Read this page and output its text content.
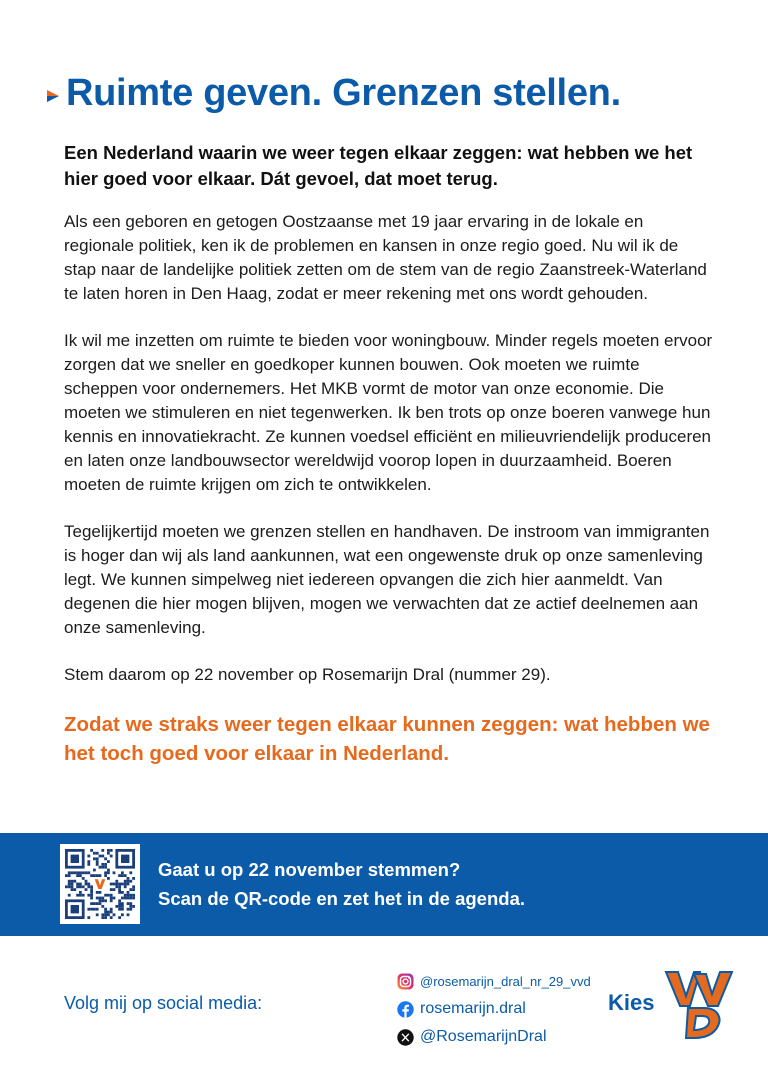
Ruimte geven. Grenzen stellen.

Een Nederland waarin we weer tegen elkaar zeggen: wat hebben we het hier goed voor elkaar. Dát gevoel, dat moet terug.

Als een geboren en getogen Oostzaanse met 19 jaar ervaring in de lokale en regionale politiek, ken ik de problemen en kansen in onze regio goed. Nu wil ik de stap naar de landelijke politiek zetten om de stem van de regio Zaanstreek-Waterland te laten horen in Den Haag, zodat er meer rekening met ons wordt gehouden.

Ik wil me inzetten om ruimte te bieden voor woningbouw. Minder regels moeten ervoor zorgen dat we sneller en goedkoper kunnen bouwen. Ook moeten we ruimte scheppen voor ondernemers. Het MKB vormt de motor van onze economie. Die moeten we stimuleren en niet tegenwerken. Ik ben trots op onze boeren vanwege hun kennis en innovatiekracht. Ze kunnen voedsel efficiënt en milieuvriendelijk produceren en laten onze landbouwsector wereldwijd voorop lopen in duurzaamheid. Boeren moeten de ruimte krijgen om zich te ontwikkelen.

Tegelijkertijd moeten we grenzen stellen en handhaven. De instroom van immigranten is hoger dan wij als land aankunnen, wat een ongewenste druk op onze samenleving legt. We kunnen simpelweg niet iedereen opvangen die zich hier aanmeldt. Van degenen die hier mogen blijven, mogen we verwachten dat ze actief deelnemen aan onze samenleving.

Stem daarom op 22 november op Rosemarijn Dral (nummer 29).

Zodat we straks weer tegen elkaar kunnen zeggen: wat hebben we het toch goed voor elkaar in Nederland.

Gaat u op 22 november stemmen?
Scan de QR-code en zet het in de agenda.
Volg mij op social media:
@rosemarijn_dral_nr_29_vvd
rosemarijn.dral
@RosemarijnDral
Kies
